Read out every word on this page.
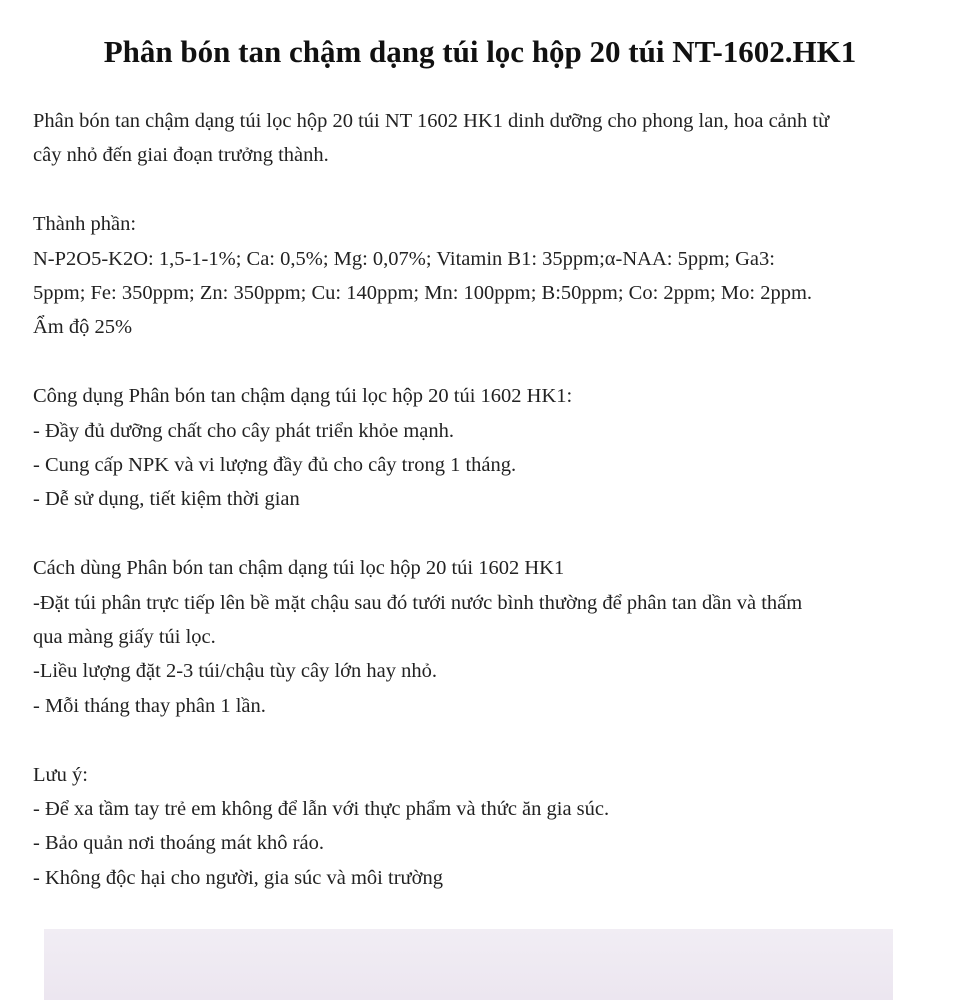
Phân bón tan chậm dạng túi lọc hộp 20 túi NT-1602.HK1

Phân bón tan chậm dạng túi lọc hộp 20 túi NT 1602 HK1 dinh dưỡng cho phong lan, hoa cảnh từ
cây nhỏ đến giai đoạn trưởng thành.

Thành phần:
N-P2O5-K2O: 1,5-1-1%; Ca: 0,5%; Mg: 0,07%; Vitamin B1: 35ppm;α-NAA: 5ppm; Ga3:
5ppm; Fe: 350ppm; Zn: 350ppm; Cu: 140ppm; Mn: 100ppm; B:50ppm; Co: 2ppm; Mo: 2ppm.
Ẩm độ 25%
Công dụng Phân bón tan chậm dạng túi lọc hộp 20 túi 1602 HK1:
- Đầy đủ dưỡng chất cho cây phát triển khỏe mạnh.
- Cung cấp NPK và vi lượng đầy đủ cho cây trong 1 tháng.
- Dễ sử dụng, tiết kiệm thời gian
Cách dùng Phân bón tan chậm dạng túi lọc hộp 20 túi 1602 HK1
-Đặt túi phân trực tiếp lên bề mặt chậu sau đó tưới nước bình thường để phân tan dần và thấm
qua màng giấy túi lọc.
-Liều lượng đặt 2-3 túi/chậu tùy cây lớn hay nhỏ.
- Mỗi tháng thay phân 1 lần.
Lưu ý:
- Để xa tầm tay trẻ em không để lẫn với thực phẩm và thức ăn gia súc.
- Bảo quản nơi thoáng mát khô ráo.
- Không độc hại cho người, gia súc và môi trường
